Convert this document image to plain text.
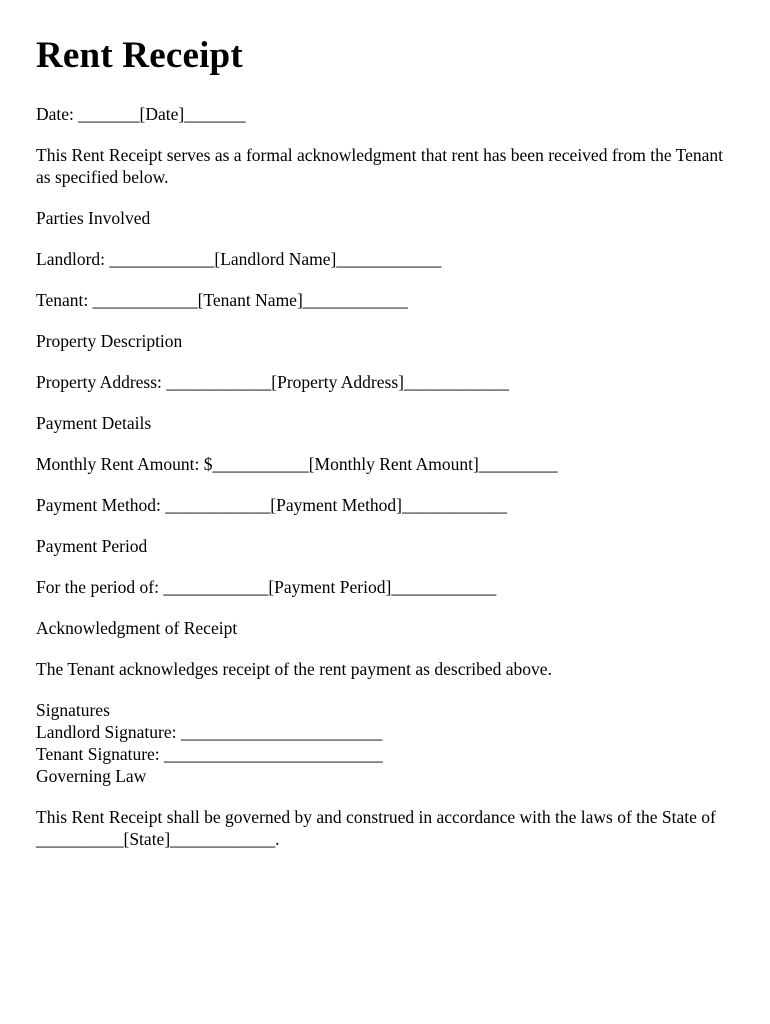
Rent Receipt

Date: _______[Date]_______

This Rent Receipt serves as a formal acknowledgment that rent has been received from the Tenant as specified below.

Parties Involved

Landlord: ____________[Landlord Name]____________

Tenant: ____________[Tenant Name]____________

Property Description

Property Address: ____________[Property Address]____________

Payment Details

Monthly Rent Amount: $___________[Monthly Rent Amount]_________

Payment Method: ____________[Payment Method]____________

Payment Period

For the period of: ____________[Payment Period]____________

Acknowledgment of Receipt

The Tenant acknowledges receipt of the rent payment as described above.

Signatures

Landlord Signature: _______________________

Tenant Signature: _________________________

Governing Law

This Rent Receipt shall be governed by and construed in accordance with the laws of the State of __________[State]____________.
